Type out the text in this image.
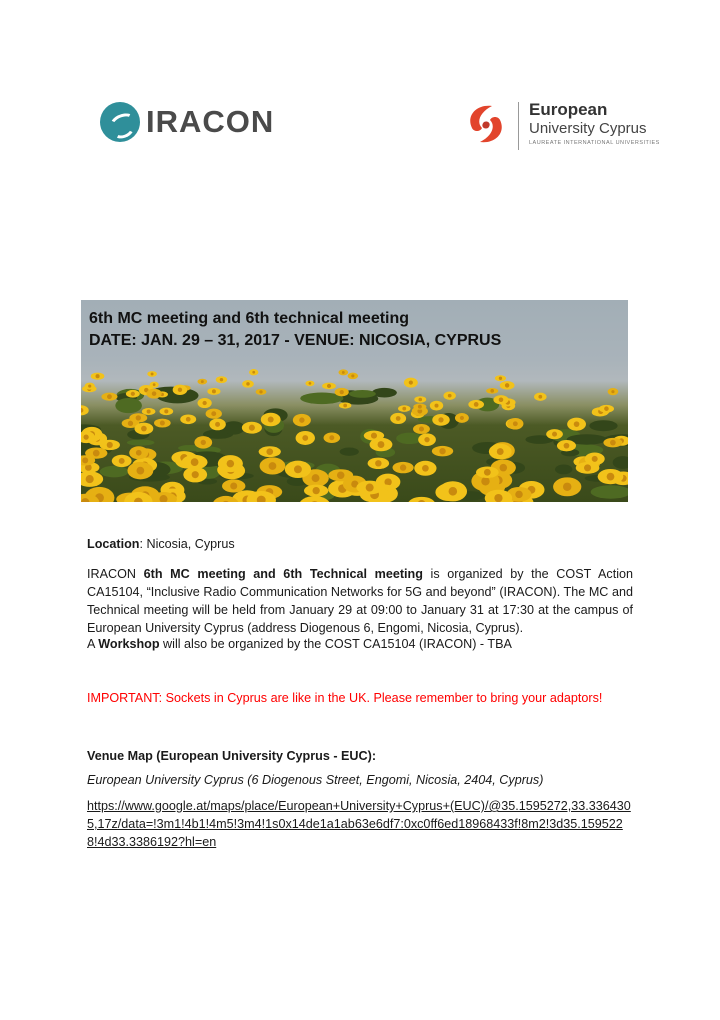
IRACON	European
University Cyprus
LAUREATE INTERNATIONAL UNIVERSITIES
6th MC meeting and 6th technical meeting
DATE: JAN. 29 – 31, 2017 - VENUE: NICOSIA, CYPRUS
Location: Nicosia, Cyprus
IRACON 6th MC meeting and 6th Technical meeting is organized by the COST Action CA15104, “Inclusive Radio Communication Networks for 5G and beyond” (IRACON). The MC and Technical meeting will be held from January 29 at 09:00 to January 31 at 17:30 at the campus of European University Cyprus (address Diogenous 6, Engomi, Nicosia, Cyprus).
A Workshop will also be organized by the COST CA15104 (IRACON) - TBA
IMPORTANT: Sockets in Cyprus are like in the UK. Please remember to bring your adaptors!
Venue Map (European University Cyprus - EUC):
European University Cyprus (6 Diogenous Street, Engomi, Nicosia, 2404, Cyprus)
https://www.google.at/maps/place/European+University+Cyprus+(EUC)/@35.1595272,33.3364305,17z/data=!3m1!4b1!4m5!3m4!1s0x14de1a1ab63e6df7:0xc0ff6ed18968433f!8m2!3d35.1595228!4d33.3386192?hl=en
